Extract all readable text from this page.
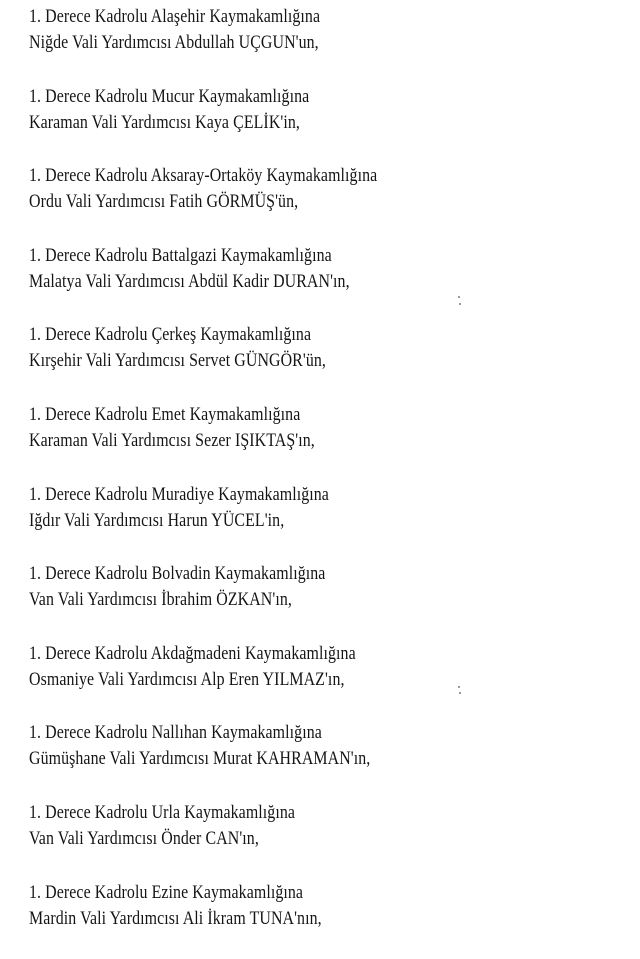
1. Derece Kadrolu Alaşehir Kaymakamlığına
Niğde Vali Yardımcısı Abdullah UÇGUN'un,
1. Derece Kadrolu Mucur Kaymakamlığına
Karaman Vali Yardımcısı Kaya ÇELİK'in,
1. Derece Kadrolu Aksaray-Ortaköy Kaymakamlığına
Ordu Vali Yardımcısı Fatih GÖRMÜŞ'ün,
1. Derece Kadrolu Battalgazi Kaymakamlığına
Malatya Vali Yardımcısı Abdül Kadir DURAN'ın,
1. Derece Kadrolu Çerkeş Kaymakamlığına
Kırşehir Vali Yardımcısı Servet GÜNGÖR'ün,
1. Derece Kadrolu Emet Kaymakamlığına
Karaman Vali Yardımcısı Sezer IŞIKTAŞ'ın,
1. Derece Kadrolu Muradiye Kaymakamlığına
Iğdır Vali Yardımcısı Harun YÜCEL'in,
1. Derece Kadrolu Bolvadin Kaymakamlığına
Van Vali Yardımcısı İbrahim ÖZKAN'ın,
1. Derece Kadrolu Akdağmadeni Kaymakamlığına
Osmaniye Vali Yardımcısı Alp Eren YILMAZ'ın,
1. Derece Kadrolu Nallıhan Kaymakamlığına
Gümüşhane Vali Yardımcısı Murat KAHRAMAN'ın,
1. Derece Kadrolu Urla Kaymakamlığına
Van Vali Yardımcısı Önder CAN'ın,
1. Derece Kadrolu Ezine Kaymakamlığına
Mardin Vali Yardımcısı Ali İkram TUNA'nın,
